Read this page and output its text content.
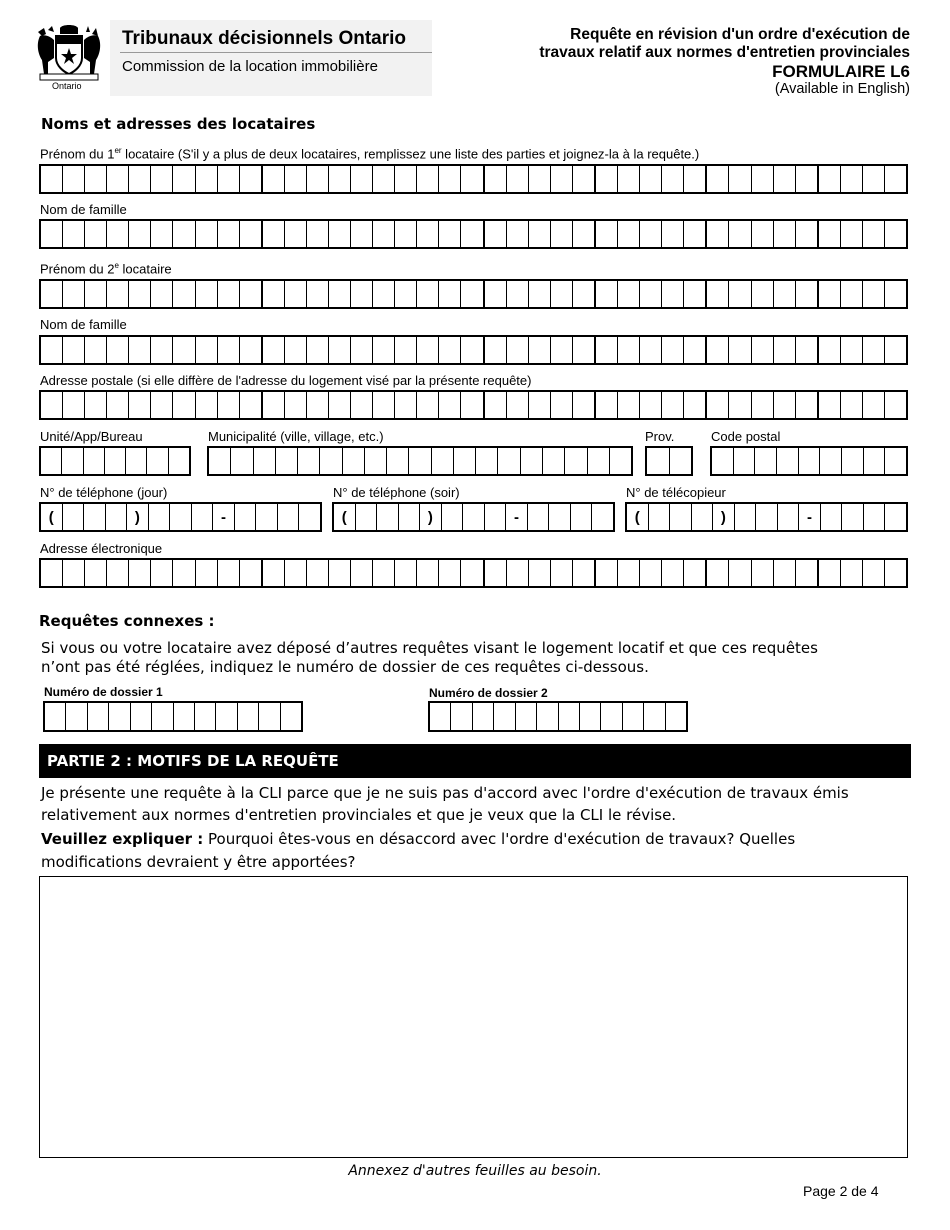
Ontario
Tribunaux décisionnels Ontario
Commission de la location immobilière
Requête en révision d'un ordre d'exécution de
travaux relatif aux normes d'entretien provinciales
FORMULAIRE L6
(Available in English)
Noms et adresses des locataires
Prénom du 1er locataire (S'il y a plus de deux locataires, remplissez une liste des parties et joignez-la à la requête.)
Nom de famille
Prénom du 2e locataire
Nom de famille
Adresse postale (si elle diffère de l'adresse du logement visé par la présente requête)
Unité/App/Bureau	Municipalité (ville, village, etc.)	Prov.	Code postal
N° de téléphone (jour)	N° de téléphone (soir)	N° de télécopieur
(	)	-	(	)	-	(	)	-
Adresse électronique
Requêtes connexes :
Si vous ou votre locataire avez déposé d’autres requêtes visant le logement locatif et que ces requêtes
n’ont pas été réglées, indiquez le numéro de dossier de ces requêtes ci-dessous.
Numéro de dossier 1	Numéro de dossier 2
PARTIE 2 : MOTIFS DE LA REQUÊTE
Je présente une requête à la CLI parce que je ne suis pas d'accord avec l'ordre d'exécution de travaux émis
relativement aux normes d'entretien provinciales et que je veux que la CLI le révise.
Veuillez expliquer : Pourquoi êtes-vous en désaccord avec l'ordre d'exécution de travaux? Quelles
modifications devraient y être apportées?
Annexez d'autres feuilles au besoin.
Page 2 de 4
